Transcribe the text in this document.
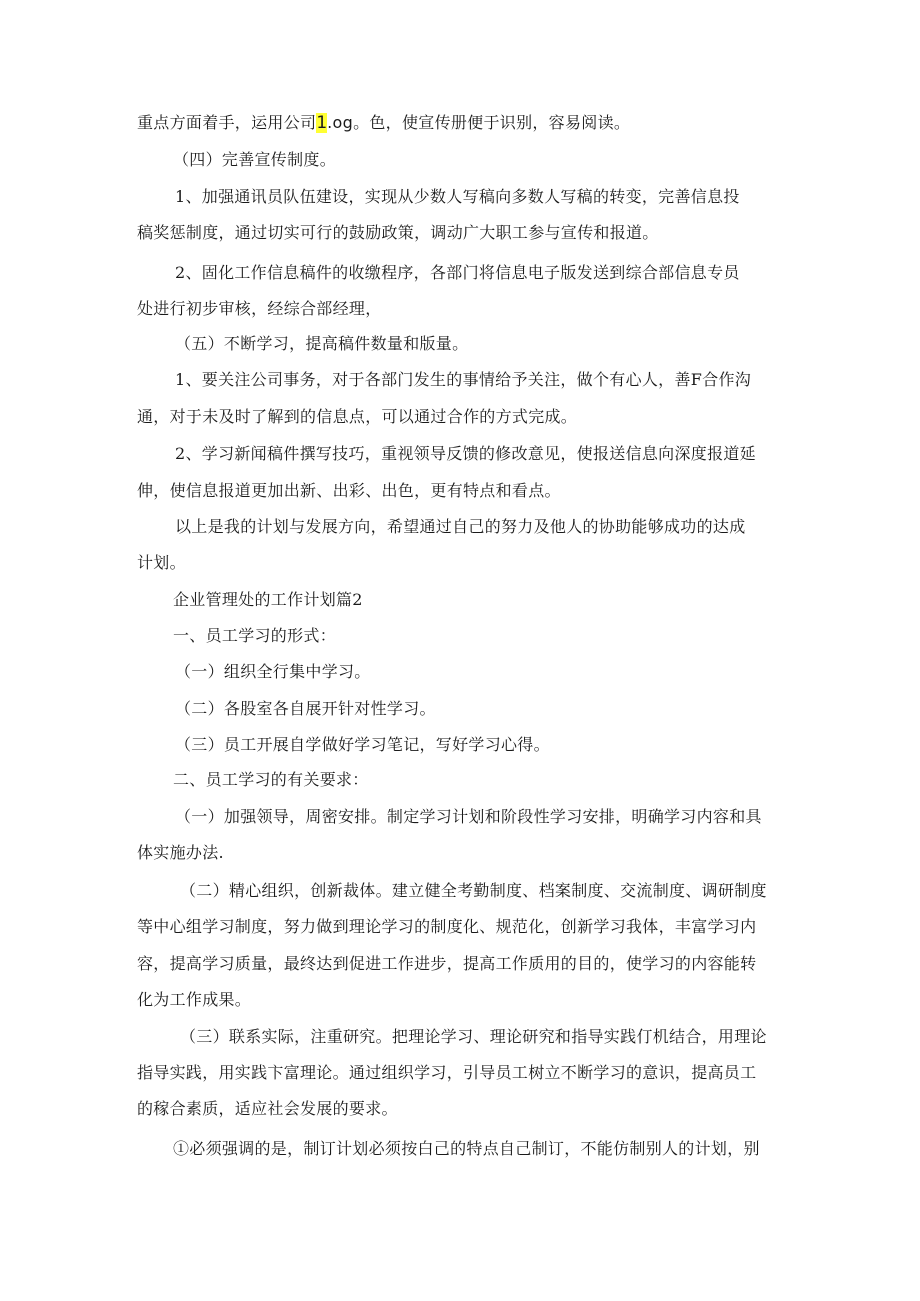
重点方面着手，运用公司1.og。色，使宣传册便于识别，容易阅读。
（四）完善宣传制度。
1、加强通讯员队伍建设，实现从少数人写稿向多数人写稿的转变，完善信息投
稿奖惩制度，通过切实可行的鼓励政策，调动广大职工参与宣传和报道。
2、固化工作信息稿件的收缴程序，各部门将信息电子版发送到综合部信息专员
处进行初步审核，经综合部经理，
（五）不断学习，提高稿件数量和版量。
1、要关注公司事务，对于各部门发生的事情给予关注，做个有心人，善F合作沟
通，对于未及时了解到的信息点，可以通过合作的方式完成。
2、学习新闻稿件撰写技巧，重视领导反馈的修改意见，使报送信息向深度报道延
伸，使信息报道更加出新、出彩、出色，更有特点和看点。
以上是我的计划与发展方向，希望通过自己的努力及他人的协助能够成功的达成
计划。
企业管理处的工作计划篇2
一、员工学习的形式：
（一）组织全行集中学习。
（二）各股室各自展开针对性学习。
（三）员工开展自学做好学习笔记，写好学习心得。
二、员工学习的有关要求：
（一）加强领导，周密安排。制定学习计划和阶段性学习安排，明确学习内容和具
体实施办法.
（二）精心组织，创新裁体。建立健全考勤制度、档案制度、交流制度、调研制度
等中心组学习制度，努力做到理论学习的制度化、规范化，创新学习我体，丰富学习内
容，提高学习质量，最终达到促进工作进步，提高工作质用的目的，使学习的内容能转
化为工作成果。
（三）联系实际，注重研究。把理论学习、理论研究和指导实践仃机结合，用理论
指导实践，用实践卞富理论。通过组织学习，引导员工树立不断学习的意识，提高员工
的稼合素质，适应社会发展的要求。
①必须强调的是，制订计划必须按白己的特点自己制订，不能仿制别人的计划，别
